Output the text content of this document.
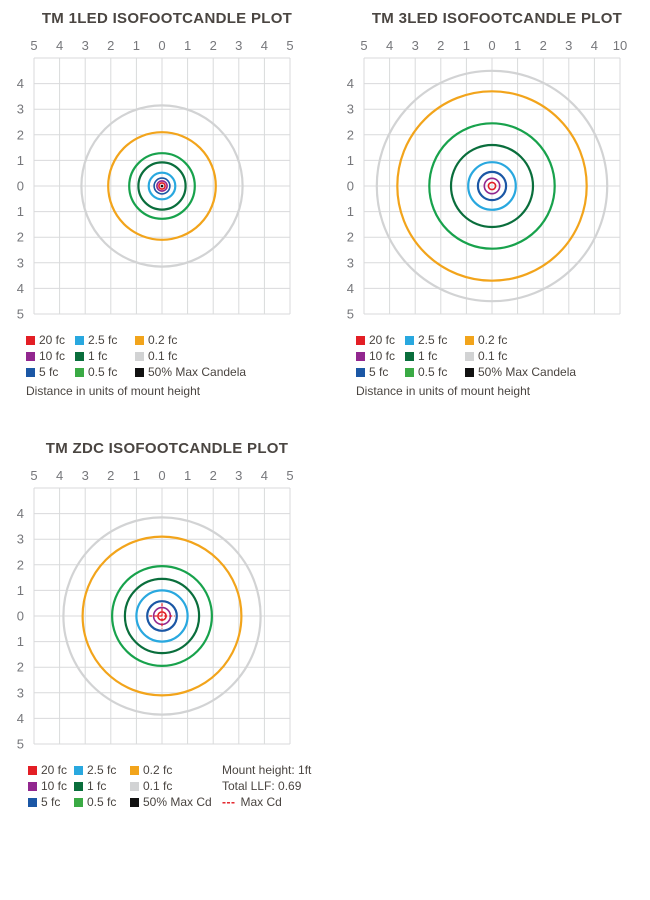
TM 1LED ISOFOOTCANDLE PLOT
5 4 3 2 1 0 1 2 3 4 5
4
3
2
1
0
1
2
3
4
5
20 fc 2.5 fc	0.2 fc
10 fc 1 fc	0.1 fc
5 fc 0.5 fc	50% Max Candela
Distance in units of mount height
TM 3LED ISOFOOTCANDLE PLOT
5 4 3 2 1 0 1 2 3 4 10
4
3
2
1
0
1
2
3
4
5
20 fc 2.5 fc	0.2 fc
10 fc 1 fc	0.1 fc
5 fc 0.5 fc	50% Max Candela
Distance in units of mount height
TM ZDC ISOFOOTCANDLE PLOT
5 4 3 2 1 0 1 2 3 4 5
4
3
2
1
0
1
2
3
4
5
20 fc 2.5 fc 0.2 fc	Mount height: 1ft
10 fc 1 fc	0.1 fc	Total LLF: 0.69
5 fc 0.5 fc 50% Max Cd --- Max Cd
